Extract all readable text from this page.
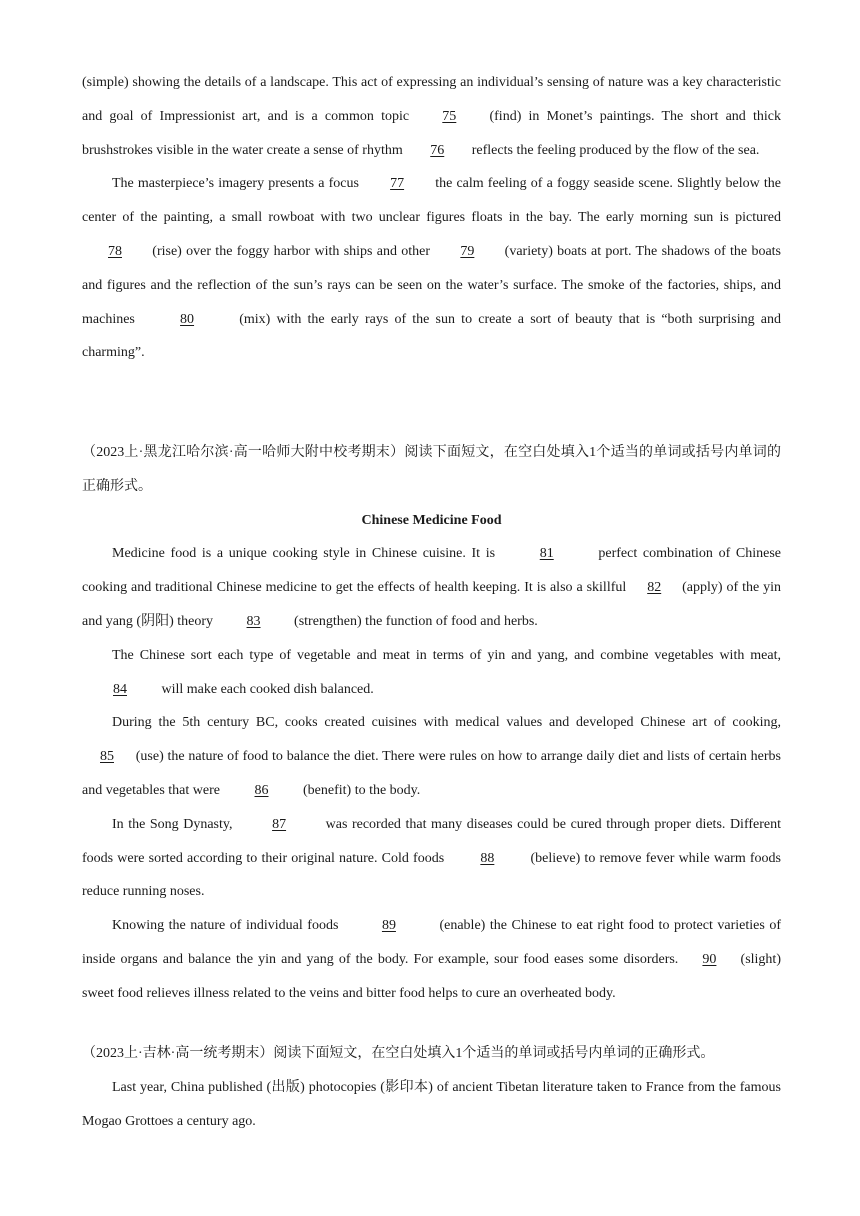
(simple) showing the details of a landscape. This act of expressing an individual’s sensing of nature was a key characteristic and goal of Impressionist art, and is a common topic 75 (find) in Monet’s paintings. The short and thick brushstrokes visible in the water create a sense of rhythm 76 reflects the feeling produced by the flow of the sea.

The masterpiece’s imagery presents a focus 77 the calm feeling of a foggy seaside scene. Slightly below the center of the painting, a small rowboat with two unclear figures floats in the bay. The early morning sun is pictured 78 (rise) over the foggy harbor with ships and other 79 (variety) boats at port. The shadows of the boats and figures and the reflection of the sun’s rays can be seen on the water’s surface. The smoke of the factories, ships, and machines	80	(mix) with the early rays of the sun to create a sort of beauty that is “both surprising and charming”.

（2023上·黑龙江哈尔滨·高一哈师大附中校考期末）阅读下面短文，在空白处填入1个适当的单词或括号内单词的正确形式。

Chinese Medicine Food

Medicine food is a unique cooking style in Chinese cuisine. It is	81	perfect combination of Chinese cooking and traditional Chinese medicine to get the effects of health keeping. It is also a skillful 82 (apply) of the yin and yang (阴阳) theory 83 (strengthen) the function of food and herbs.

The Chinese sort each type of vegetable and meat in terms of yin and yang, and combine vegetables with meat, 84 will make each cooked dish balanced.

During the 5th century BC, cooks created cuisines with medical values and developed Chinese art of cooking, 85 (use) the nature of food to balance the diet. There were rules on how to arrange daily diet and lists of certain herbs and vegetables that were 86 (benefit) to the body.

In the Song Dynasty,	87	was recorded that many diseases could be cured through proper diets. Different foods were sorted according to their original nature. Cold foods 88 (believe) to remove fever while warm foods reduce running noses.

Knowing the nature of individual foods	89	(enable) the Chinese to eat right food to protect varieties of inside organs and balance the yin and yang of the body. For example, sour food eases some disorders. 90 (slight) sweet food relieves illness related to the veins and bitter food helps to cure an overheated body.

（2023上·吉林·高一统考期末）阅读下面短文，在空白处填入1个适当的单词或括号内单词的正确形式。

Last year, China published (出版) photocopies (影印本) of ancient Tibetan literature taken to France from the famous Mogao Grottoes a century ago.
